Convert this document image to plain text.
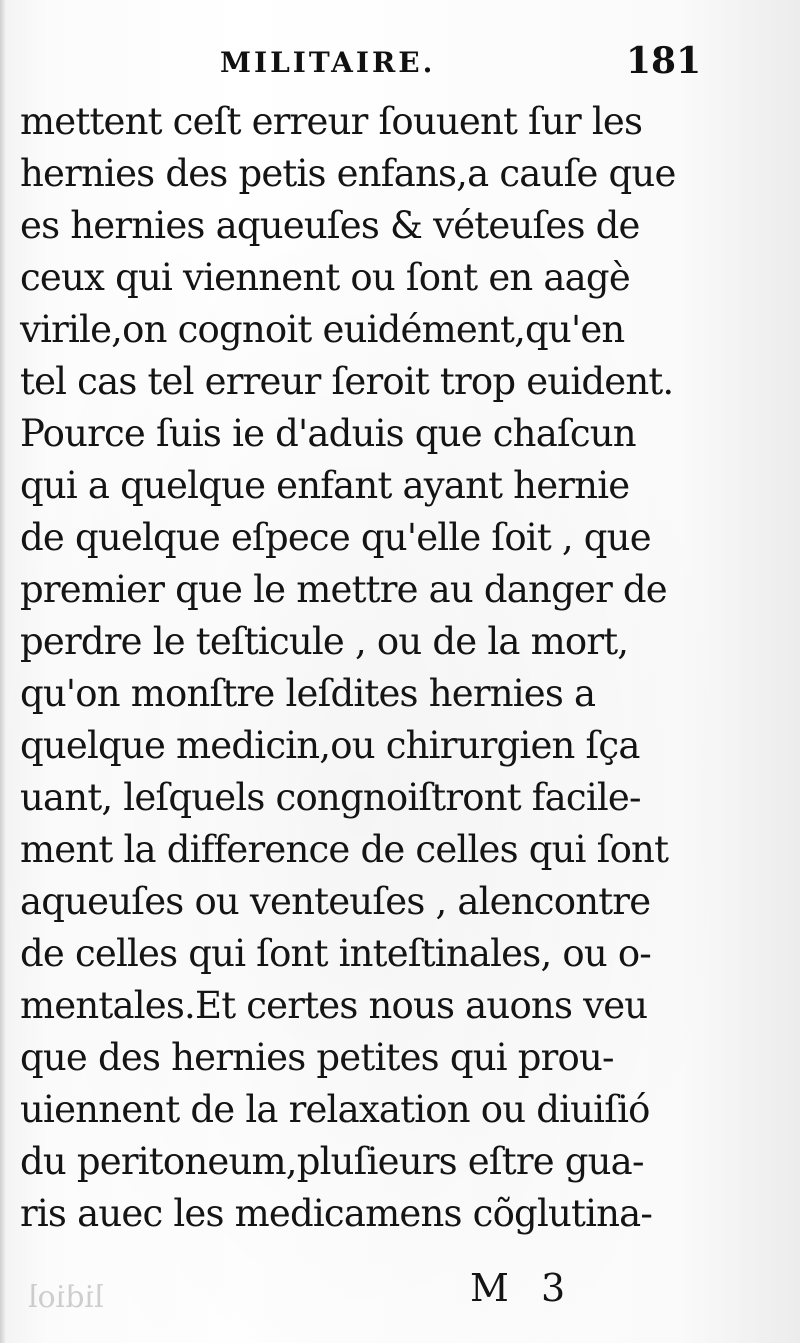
MILITAIRE.	181
mettent ceſt erreur ſouuent ſur les
hernies des petis enfans,a cauſe que
es hernies aqueuſes & véteuſes de
ceux qui viennent ou ſont en aagè
virile,on cognoit euidément,qu'en
tel cas tel erreur ſeroit trop euident.
Pource ſuis ie d'aduis que chaſcun
qui a quelque enfant ayant hernie
de quelque eſpece qu'elle ſoit , que
premier que le mettre au danger de
perdre le teſticule , ou de la mort,
qu'on monſtre leſdites hernies a
quelque medicin,ou chirurgien ſça
uant, leſquels congnoiſtront facile-
ment la difference de celles qui ſont
aqueuſes ou venteuſes , alencontre
de celles qui ſont inteſtinales, ou o-
mentales.Et certes nous auons veu
que des hernies petites qui prou-
uiennent de la relaxation ou diuiſió
du peritoneum,pluſieurs eſtre gua-
ris auec les medicamens cõglutina-
lidiol	M 3
